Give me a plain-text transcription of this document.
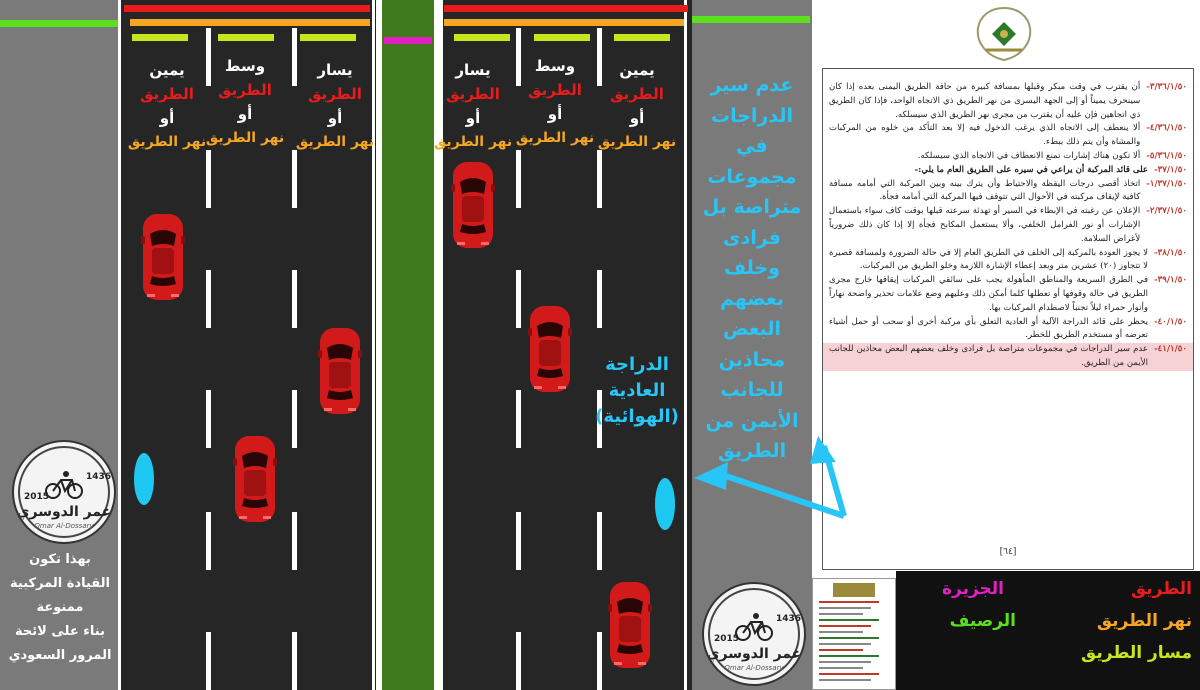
يسار
الطريق
أو
نهر الطريق
وسط
الطريق
أو
نهر الطريق
يمين
الطريق
أو
نهر الطريق
يسار
الطريق
أو
نهر الطريق
وسط
الطريق
أو
نهر الطريق
يمين
الطريق
أو
نهر الطريق
الدراجة
العادية
(الهوائية)
عدم سير
الدراجات في
مجموعات
متراصة بل
فرادى
وخلف
بعضهم
البعض
محاذين
للجانب
الأيمن من
الطريق
1436
2015
عمر الدوسري
Omar Al-Dossary
بهذا تكون
القيادة المركبية
ممنوعة
بناء على لائحة
المرور السعودي
1436
2015
عمر الدوسري
Omar Al-Dossary
٣/٣٦/١/٥٠-
أن يقترب في وقت مبكر وقبلها بمسافة كبيرة من حافة الطريق اليمنى بعده إذا كان سينحرف يميناً أو إلى الجهة اليسرى من نهر الطريق ذي الاتجاه الواحد، فإذا كان الطريق ذي اتجاهين فإن عليه أن يقترب من مجرى نهر الطريق الذي سيسلكه.
٤/٣٦/١/٥٠-
ألا ينعطف إلى الاتجاه الذي يرغب الدخول فيه إلا بعد التأكد من خلوه من المركبات والمشاة وأن يتم ذلك ببطء.
٥/٣٦/١/٥٠-
ألا تكون هناك إشارات تمنع الانعطاف في الاتجاه الذي سيسلكه.
٣٧/١/٥٠-
على قائد المركبة أن يراعي في سيره على الطريق العام ما يلي:-
١/٣٧/١/٥٠-
اتخاذ أقصى درجات اليقظة والاحتياط وأن يترك بينه وبين المركبة التي أمامه مسافة كافية لإيقاف مركبته في الأحوال التي تتوقف فيها المركبة التي أمامه فجأة.
٢/٣٧/١/٥٠-
الإعلان عن رغبته في الإبطاء في السير أو تهدئة سرعته قبلها بوقت كاف سواء باستعمال الإشارات أو نور الفرامل الخلفي، وألا يستعمل المكابح فجأة إلا إذا كان ذلك ضرورياً لأغراض السلامة.
٣٨/١/٥٠-
لا يجوز العودة بالمركبة إلى الخلف في الطريق العام إلا في حالة الضرورة ولمسافة قصيرة لا تتجاوز (٢٠) عشرين متر وبعد إعطاء الإشارة اللازمة وخلو الطريق من المركبات.
٣٩/١/٥٠-
في الطرق السريعة والمناطق المأهولة يجب على سائقي المركبات إيقافها خارج مجرى الطريق في حالة وقوفها أو تعطلها كلما أمكن ذلك وعليهم وضع علامات تحذير واضحة نهاراً وأنوار حمراء ليلاً تجنباً لاصطدام المركبات بها.
٤٠/١/٥٠-
يحظر على قائد الدراجة الآلية أو العادية التعلق بأي مركبة أخرى أو سحب أو حمل أشياء تعرضه أو مستخدم الطريق للخطر.
٤١/١/٥٠-
عدم سير الدراجات في مجموعات متراصة بل فرادى وخلف بعضهم البعض محاذين للجانب الأيمن من الطريق.
[٦٤]
الطريق
نهر الطريق
مسار الطريق
الجزيرة
الرصيف
